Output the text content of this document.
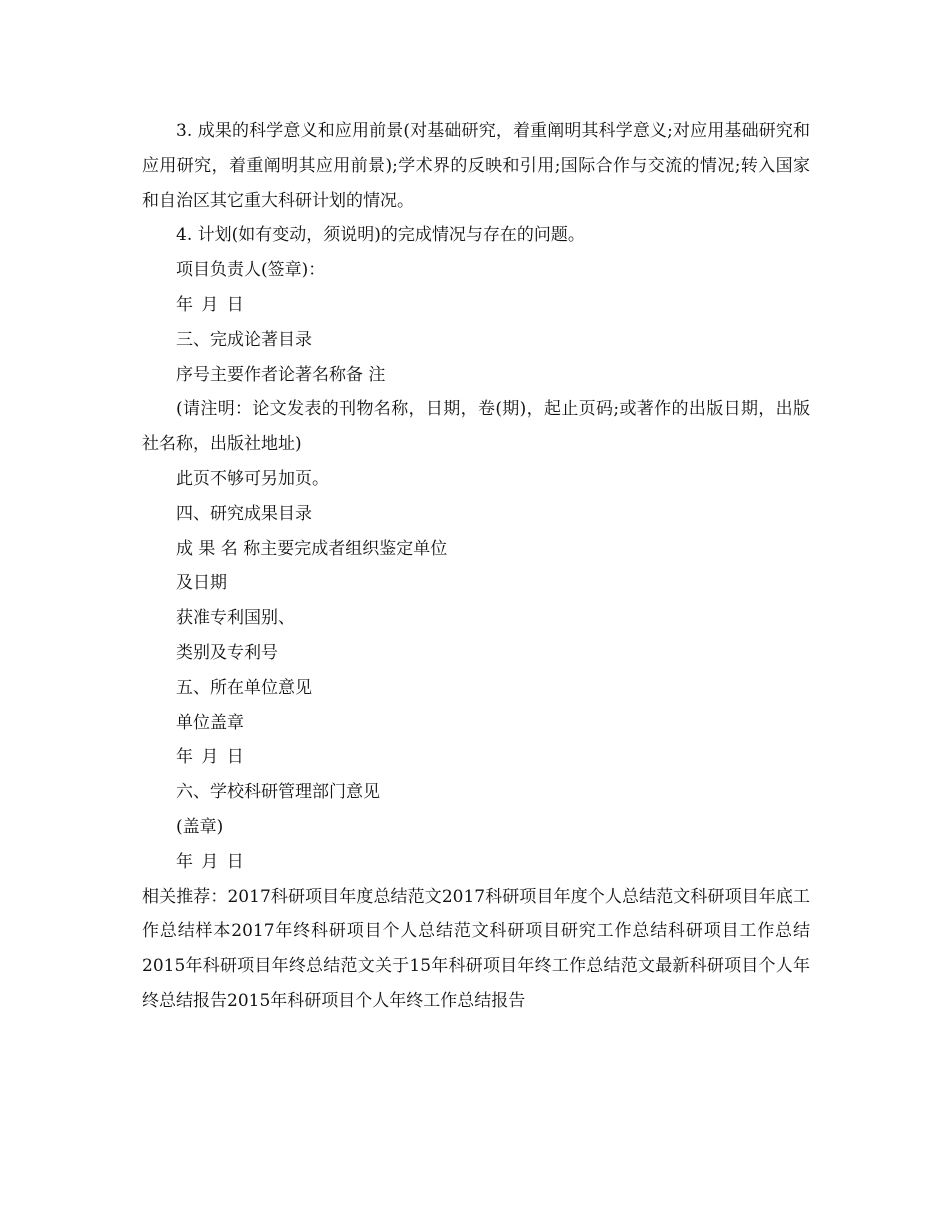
3. 成果的科学意义和应用前景(对基础研究，着重阐明其科学意义;对应用基础研究和应用研究，着重阐明其应用前景);学术界的反映和引用;国际合作与交流的情况;转入国家和自治区其它重大科研计划的情况。

4. 计划(如有变动，须说明)的完成情况与存在的问题。

项目负责人(签章)：

年 月 日

三、完成论著目录

序号主要作者论著名称备 注

(请注明：论文发表的刊物名称，日期，卷(期)，起止页码;或著作的出版日期，出版社名称，出版社地址)

此页不够可另加页。

四、研究成果目录

成 果 名 称主要完成者组织鉴定单位

及日期

获准专利国别、

类别及专利号

五、所在单位意见

单位盖章

年 月 日

六、学校科研管理部门意见

(盖章)

年 月 日

相关推荐：2017科研项目年度总结范文2017科研项目年度个人总结范文科研项目年底工作总结样本2017年终科研项目个人总结范文科研项目研究工作总结科研项目工作总结2015年科研项目年终总结范文关于15年科研项目年终工作总结范文最新科研项目个人年终总结报告2015年科研项目个人年终工作总结报告
